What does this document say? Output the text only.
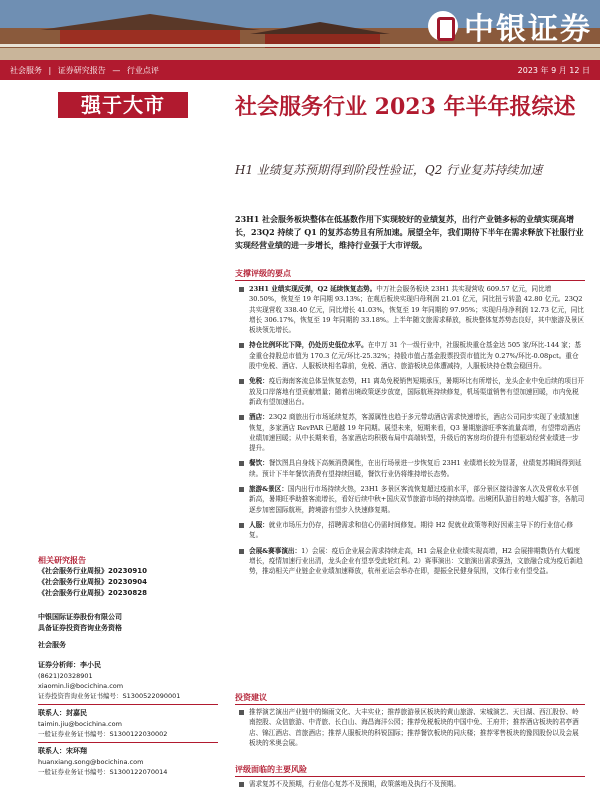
中银证券
社会服务 | 证券研究报告 — 行业点评	2023 年 9 月 12 日
强于大市	社会服务行业 2023 年半年报综述
H1 业绩复苏预期得到阶段性验证，Q2 行业复苏持续加速
23H1 社会服务板块整体在低基数作用下实现较好的业绩复苏，出行产业链多标的业绩实现高增长，23Q2 持续了 Q1 的复苏态势且有所加速。展望全年，我们期待下半年在需求释放下社服行业实现经营业绩的进一步增长，维持行业强于大市评级。
支撑评级的要点
23H1 业绩实现反弹，Q2 延续恢复态势。中万社会服务板块 23H1 共实现营收 609.57 亿元，同比增 30.50%，恢复至 19 年同期 93.13%；在观后板块实现归母利润 21.01 亿元，同比扭亏转盈 42.80 亿元。23Q2 共实现营收 338.40 亿元，同比增长 41.03%，恢复至 19 年同期的 97.95%；实现归母净利润 12.73 亿元，同比增长 306.17%，恢复至 19 年同期的 33.18%。上半年随文旅需求释放，板块整体复苏势态良好，其中旅游及景区板块领先增长。
持仓比例环比下降，仍处历史低位水平。在申万 31 个一级行业中，社服板块重仓基金达 505 家/环比-144 家；基金重仓持股总市值为 170.3 亿元/环比-25.32%；持股市值占基金股票投资市值比为 0.27%/环比-0.08pct。重仓股中免税、酒店、人服板块相名靠前，免税、酒店、旅游板块总体遭减持，人服板块持仓数会稳回升。
免税：疫后海南客流总体呈恢复态势，H1 离岛免税销售短期承压，暑期环比有所增长，龙头企业中免后续的项目开放及口岸落地有望贡献增量；随着出境政策逐步放宽，国际航班持续修复，机场渠道销售有望加速回暖，市内免税新政有望加速出台。
酒店：23Q2 商旅出行市场延续复苏，客源属性也趋于多元带动酒店需求快速增长，酒店公司同步实现了业绩加速恢复，多家酒店 RevPAR 已超越 19 年同期。展望未来，短期来看，Q3 暑期旅游旺季客流量高增，有望带动酒店业绩加速回暖；从中长期来看，各家酒店均积极布局中高端转型，升级后的客房均价提升有望驱动经营业绩进一步提升。
餐饮：餐饮图具自身线下高频消费属性，在出行场景进一步恢复后 23H1 业绩增长较为显著，业绩复苏期间得到延续。预计下半年餐饮消费有望持续回暖，餐饮行业仍将维持增长态势。
旅游&景区：国内出行市场持续火热，23H1 多景区客流恢复超过疫前水平，部分景区接待游客人次及营收水平创新高，暑期旺季助推客流增长，看好后续中秋+国庆双节旅游市场的持续高增。出境团队游目的地大幅扩容，各航司逐步加密国际航班，跨境游有望步入快速修复期。
人服：就业市场压力仍存，招聘需求和信心仍需时间修复。期待 H2 促就业政策等利好因素主导下的行业信心修复。
会展&赛事演出：1）会展：疫后企业展会需求持续走高，H1 会展企业业绩实现高增，H2 会展排期数仍有大幅度增长，疫情加速行业出清，龙头企业有望享受此轮红利。2）赛事演出：文旅演出需求强劲，文旅融合成为疫后新趋势，推动相关产业链企业业绩加速释放，杭州亚运会举办在即，提振全民健身氛围，文体行业有望受益。
投资建议
推荐演艺演出产业链中的锦雨文化、大丰实业；推荐旅游景区板块的黄山旅游、宋城演艺、天目湖、西江股份、岭南控股、众信旅游、中青旅、长白山、海昌海洋公园；推荐免税板块的中国中免、王府井；推荐酒店板块的君亭酒店、锦江酒店、首旅酒店；推荐人服板块的科锐国际；推荐餐饮板块的同庆楼；推荐零售板块的豫园股份以及会展板块的米奥会展。
评级面临的主要风险
需求复苏不及预期，行业信心复苏不及预期，政策落地及执行不及预期。
相关研究报告
《社会服务行业周报》20230910
《社会服务行业周报》20230904
《社会服务行业周报》20230828
中银国际证券股份有限公司
具备证券投资咨询业务资格
社会服务
证券分析师：李小民
(8621)20328901
xiaomin.li@bocichina.com
证券投资咨询业务证书编号：S1300522090001
联系人：封嘉民
taimin.jiu@bocichina.com
一般证券业务证书编号：S1300122030002
联系人：宋环翔
huanxiang.song@bocichina.com
一般证券业务证书编号：S1300122070014
